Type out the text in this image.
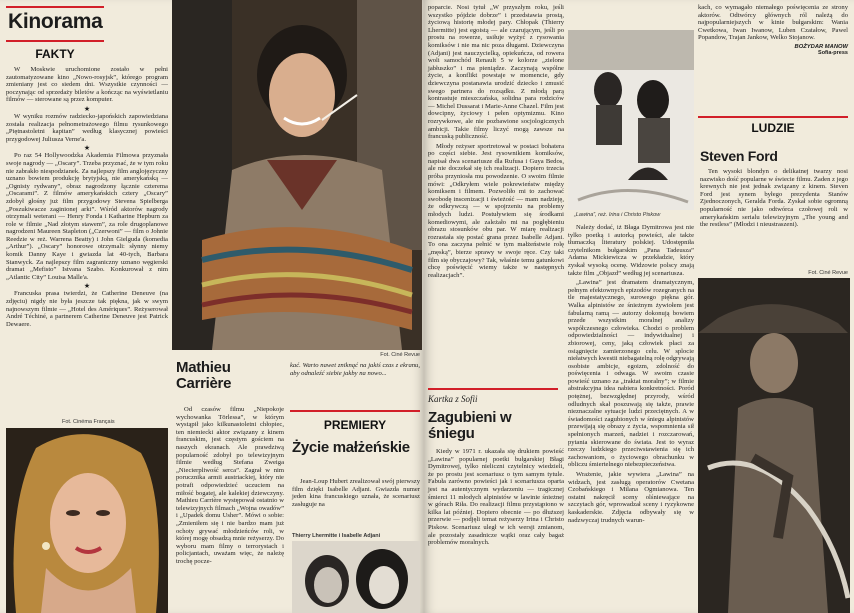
Kinorama
FAKTY

W Moskwie uruchomione zostało w pełni zautomatyzowane kino „Nowo-rosyjsk”, którego program zmieniany jest co siedem dni. Wszystkie czynności — poczynając od sprzedaży biletów a kończąc na wyświetlaniu filmów — sterowane są przez komputer.

★

W wyniku rozmów radziecko-japońskich zapowiedziana została realizacja pełnometrażowego filmu rysunkowego „Piętnastoletni kapitan” według klasycznej powieści przygodowej Juliusza Verne'a.

★

Po raz 54 Hollywoodzka Akademia Filmowa przyznała swoje nagrody — „Oscary”. Trzeba przyznać, że w tym roku nie zabrakło niespodzianek. Za najlepszy film anglojęzyczny uznano bowiem produkcję brytyjską, nie amerykańską — „Ognisty rydwany”, obraz nagrodzony łącznie czterema „Oscarami”. Z filmów amerykańskich cztery „Oscary” zdobył głośny już film przygodowy Stevena Spielberga „Poszukiwacze zaginionej arki”. Wśród aktorów nagrody otrzymali weterani — Henry Fonda i Katharine Hepburn za role w filmie „Nad złotym stawem”, za role drugoplanowe nagrodzeni Maureen Stapleton („Czerwoni” — film o Johnie Reedzie w reż. Warrena Beatty) i John Gielguda (komedia „Arthur”). „Oscary” honorowe otrzymali: słynny niemy komik Danny Kaye i gwiazda lat 40-tych, Barbara Stanwyck. Za najlepszy film zagraniczny uznano węgierski dramat „Mefisto” Istvana Szabo. Konkurował z nim „Atlantic City” Louisa Malle'a.

★

Francuska prasa twierdzi, że Catherine Deneuve (na zdjęciu) nigdy nie była jeszcze tak piękna, jak w swym najnowszym filmie — „Hotel des Amériques”. Reżyserował André Téchiné, a partnerem Catherine Deneuve jest Patrick Dewaere.

Fot. Cinéma Français
Fot. Ciné Revue
Mathieu Carrière

Od czasów filmu „Niepokoje wychowanka Törlessa”, w którym wystąpił jako kilkunastoletni chłopiec, ten niemiecki aktor związany z kinem francuskim, jest częstym gościem na naszych ekranach. Ale prawdziwą popularność zdobył po telewizyjnym filmie według Stefana Zweiga „Niecierpliwość serca”. Zagrał w nim porucznika armii austriackiej, który nie potrafi odpowiedzieć uczuciem na miłość bogatej, ale kalekiej dziewczyny. Mathieu Carrière występował ostatnio w telewizyjnych filmach „Wojna owadów” i „Upadek domu Usher”. Mówi o sobie: „Zmieniłem się i nie bardzo mam już ochoty grywać młodzieńców roli, w której mogę obsadzą mnie reżyserzy. Do wyboru mam filmy o terrorystach i policjantach, uważam więc, że należę trochę pocze-

kać. Warto nawet zniknąć na jakiś czas z ekranu, aby odnaleźć siebie jakby na nowo...

PREMIERY
Życie małżeńskie

Jean-Loup Hubert zrealizował swój pierwszy film dzięki Isabelle Adjani. Gwiazda numer jeden kina francuskiego uznała, że scenariusz zasługuje na

Thierry Lhermitte i Isabelle Adjani

poparcie. Nosi tytuł „W przyszłym roku, jeśli wszystko pójdzie dobrze” i przedstawia prostą, życiową historię młodej pary. Chłopak (Thierry Lhermitte) jest egoistą — ale czarującym, jeśli po prostu na rowerze, usiłuje wyżyć z rysowania komiksów i nie ma nic poza długami. Dziewczyna (Adjani) jest nauczycielką, opiekuńcza, od rowera woli samochód Renault 5 w kolorze „zielone jabłuszko” i ma pieniądze. Zaczynają wspólne życie, a konflikt powstaje w momencie, gdy dziewczyna postanawia urodzić dziecko i zmusić swego partnera do rozsądku. Z młodą parą kontrastuje mieszczańska, solidna para rodziców — Michel Dussarat i Marie-Anne Chazel. Film jest dowcipny, życiowy i pełen optymizmu. Kino rozrywkowe, ale nie pozbawione socjologicznych ambicji. Takie filmy liczyć mogą zawsze na francuską publiczność.

Młody reżyser sportretował w postaci bohatera po części siebie. Jest rysownikiem komiksów, napisał dwa scenariusze dla Rufusa i Guya Bedos, ale nie doczekał się ich realizacji. Dopiero trzecia próba przyniosła mu powodzenie. O swoim filmie mówi: „Odkryłem wiele pokrewieństw między komiksem i filmem. Pozwoliło mi to zachować swobodę inscenizacji i świeżość — mam nadzieję, że odkrywczą — w spojrzeniu na problemy młodych ludzi. Postuływiem się środkami komediowymi, ale zależało mi na pogłębieniu obrazu stosunków obu par. W miarę realizacji rozrastała się postać grana przez Isabelle Adjani. To ona zaczyna pełnić w tym małżeństwie rolę „męską”, bierze sprawy w swoje ręce. Czy taki film się obyczajowy? Tak, właśnie temu gatunkowi chcę poświęcić wiemy także w następnych realizacjach”.

„Lawina”, reż. Irina i Christo Piskow
Kartka z Sofii
Zagubieni w śniegu

Kiedy w 1971 r. ukazała się drukiem powieść „Lawina” popularnej poetki bułgarskiej Błagi Dymitrowej, tylko nieliczni czytelnicy wiedzieli, że po prostu jest scenariusz o tym samym tytule. Fabuła zarówno powieści jak i scenariusza oparta jest na autentycznym wydarzeniu — tragicznej śmierci 11 młodych alpinistów w lawinie śnieżnej w górach Riła. Do realizacji filmu przystąpiono w kilka lat później. Dopiero obecnie — po dłuższej przerwie — podjęli temat reżyserzy Irina i Christo Piskow. Scenariusz uległ w ich wersji zmianom, ale pozostały zasadnicze wątki oraz cały bagaż problemów moralnych.

Należy dodać, iż Błaga Dymitrowa jest nie tylko poetką i autorką powieści, ale także tłumaczką literatury polskiej. Udostępniła czytelnikom bułgarskim „Pana Tadeusza” Adama Mickiewicza w przekładzie, który zyskał wysoką ocenę. Widzowie polscy znają także film „Objazd” według jej scenariusza.

„Lawina” jest dramatem dramatycznym, pełnym efektownych epizodów rozegranych na tle majestatycznego, surowego piękna gór. Walka alpinistów ze śnieżnym żywiołem jest fabularną ramą — autorzy dokonują bowiem przede wszystkim moralnej analizy współczesnego człowieka. Chodzi o problem odpowiedzialności — indywidualnej i zbiorowej, ceny, jaką człowiek płaci za osiągnięcie zamierzonego celu. W splocie niełatwych kwestii niebagatelną rolę odgrywają osobiste ambicje, egoizm, zdolność do poświęcenia i odwaga. W swoim czasie powieść uznano za „traktat moralny”; w filmie abstrakcyjna idea nabiera konkretności. Poród potężnej, bezwzględnej przyrody, wśród odludnych skał poszuwają się także, prawie nieznaczalne sytuacje ludzi przeciętnych. A w świadomości zagubionych w śniegu alpinistów przewijają się obrazy z życia, wspomnienia sił spełnionych marzeń, nadziei i rozczarowań, pytania skierowane do świata. Jest to wyraz rzeczy ludzkiego przeciwstawienia się ich zachowaniom, o życiowego obrachunku w obliczu śmiertelnego niebezpieczeństwa.

Wrażenie, jakie wywiera „Lawina” na widzach, jest zasługą operatorów Cwetana Czobańskiego i Milana Ogmianowa. Ten ostatni nakręcił sceny olśniewające na szczytach gór, wprowadzał sceny i ryzykowne kaskaderskie. Zdjęcia odbywały się w nadzwyczaj trudnych warun-

kach, co wymagało niemałego poświęcenia ze strony aktorów. Odtwórcy głównych ról należą do najpopularniejszych w kinie bułgarskim: Wania Cwetkowa, Iwan Iwanow, Luben Czatałow, Pawel Popandow, Trajan Jankow, Welko Stojanow.

BOŻYDAR MANOW
Sofia-press
LUDZIE
Steven Ford

Ten wysoki blondyn o delikatnej twarzy nosi nazwisko dość popularne w świecie filmu. Żaden z jego krewnych nie jest jednak związany z kinem. Steven Ford jest synem byłego prezydenta Stanów Zjednoczonych, Geralda Forda. Zyskał sobie ogromną popularność nie jako odtwórca czołowej roli w amerykańskim serialu telewizyjnym „The young and the restless” (Młodzi i nieustraszeni).

Fot. Ciné Revue
